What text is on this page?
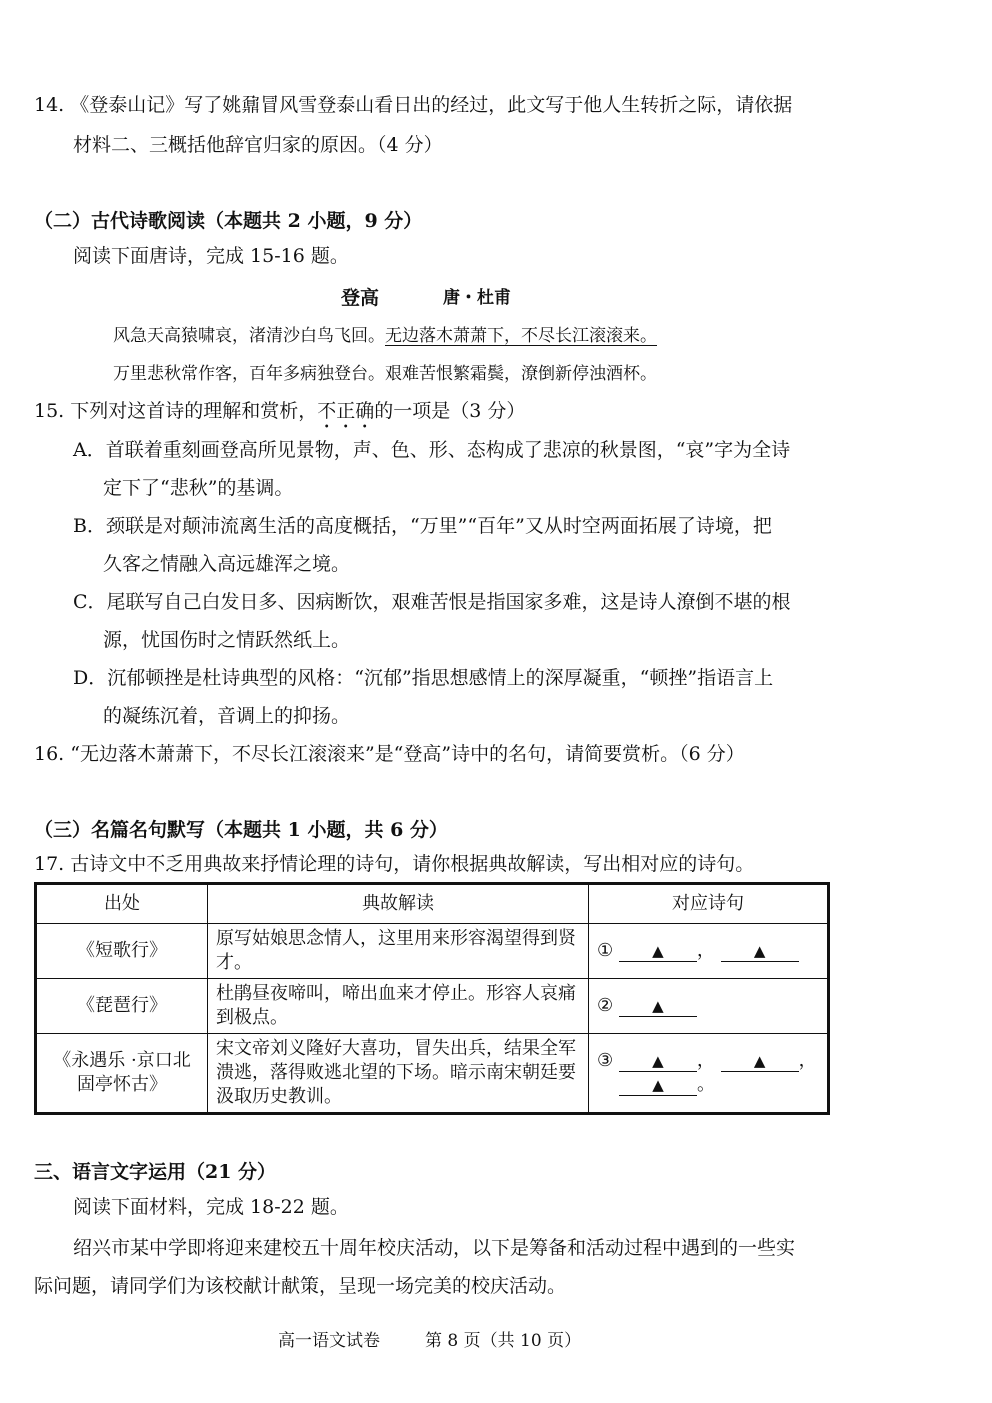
14. 《登泰山记》写了姚鼐冒风雪登泰山看日出的经过，此文写于他人生转折之际，请依据
材料二、三概括他辞官归家的原因。（4 分）
（二）古代诗歌阅读（本题共 2 小题，9 分）
阅读下面唐诗，完成 15-16 题。
登高	唐・杜甫
风急天高猿啸哀，渚清沙白鸟飞回。无边落木萧萧下，不尽长江滚滚来。
万里悲秋常作客，百年多病独登台。艰难苦恨繁霜鬓，潦倒新停浊酒杯。
15. 下列对这首诗的理解和赏析，不正确的一项是（3 分）
A．首联着重刻画登高所见景物，声、色、形、态构成了悲凉的秋景图，“哀”字为全诗
定下了“悲秋”的基调。
B．颈联是对颠沛流离生活的高度概括，“万里”“百年”又从时空两面拓展了诗境，把
久客之情融入高远雄浑之境。
C．尾联写自己白发日多、因病断饮，艰难苦恨是指国家多难，这是诗人潦倒不堪的根
源，忧国伤时之情跃然纸上。
D．沉郁顿挫是杜诗典型的风格：“沉郁”指思想感情上的深厚凝重，“顿挫”指语言上
的凝练沉着，音调上的抑扬。
16. “无边落木萧萧下，不尽长江滚滚来”是“登高”诗中的名句，请简要赏析。（6 分）
（三）名篇名句默写（本题共 1 小题，共 6 分）
17. 古诗文中不乏用典故来抒情论理的诗句，请你根据典故解读，写出相对应的诗句。
出处	典故解读	对应诗句
《短歌行》	原写姑娘思念情人，这里用来形容渴望得到贤才。	① ▲ ， ▲
《琵琶行》	杜鹃昼夜啼叫，啼出血来才停止。形容人哀痛到极点。	② ▲
《永遇乐 ·京口北固亭怀古》	宋文帝刘义隆好大喜功，冒失出兵，结果全军溃逃，落得败逃北望的下场。暗示南宋朝廷要汲取历史教训。	③ ▲ ， ▲ ，
▲ 。
三、语言文字运用（21 分）
阅读下面材料，完成 18-22 题。
绍兴市某中学即将迎来建校五十周年校庆活动，以下是筹备和活动过程中遇到的一些实
际问题，请同学们为该校献计献策，呈现一场完美的校庆活动。
高一语文试卷	第 8 页（共 10 页）
